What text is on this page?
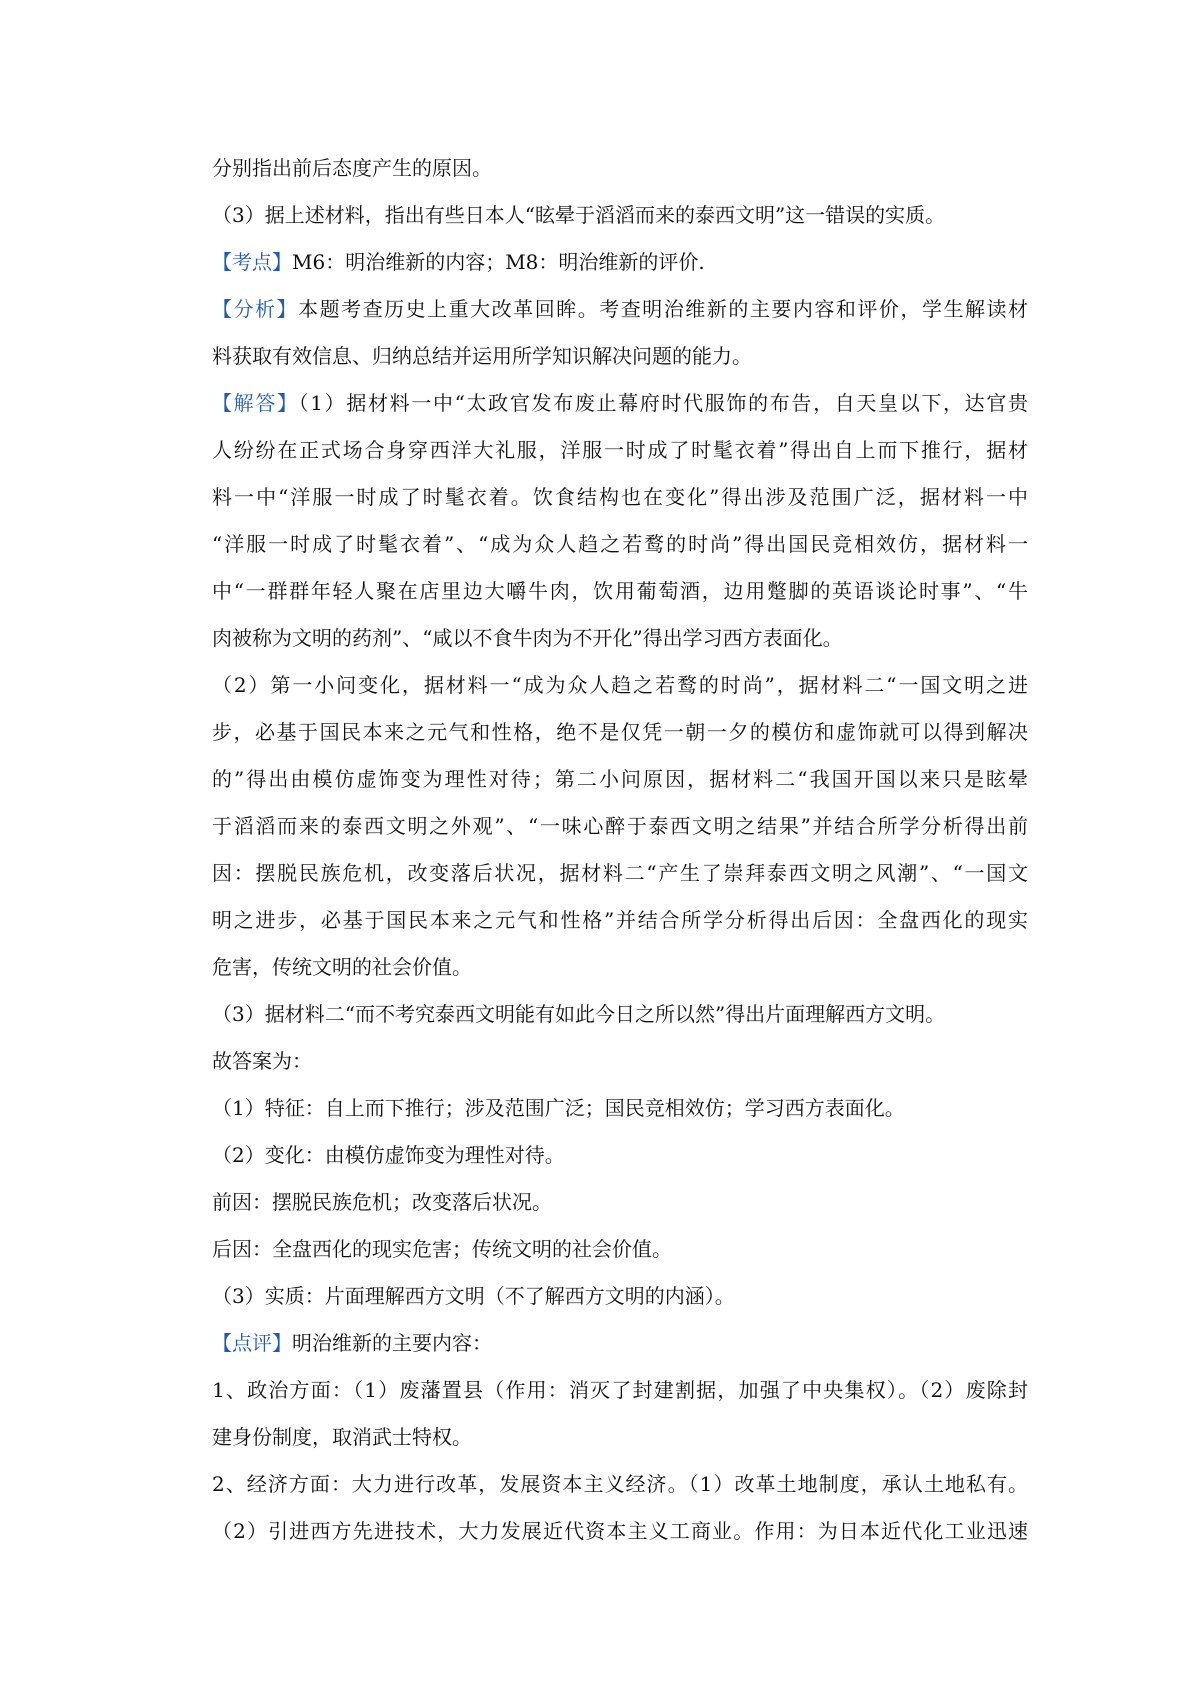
分别指出前后态度产生的原因。
（3）据上述材料，指出有些日本人“眩晕于滔滔而来的泰西文明”这一错误的实质。
【考点】M6：明治维新的内容；M8：明治维新的评价.
【分析】本题考查历史上重大改革回眸。考查明治维新的主要内容和评价，学生解读材
料获取有效信息、归纳总结并运用所学知识解决问题的能力。
【解答】（1）据材料一中“太政官发布废止幕府时代服饰的布告，自天皇以下，达官贵
人纷纷在正式场合身穿西洋大礼服，洋服一时成了时髦衣着”得出自上而下推行，据材
料一中“洋服一时成了时髦衣着。饮食结构也在变化”得出涉及范围广泛，据材料一中
“洋服一时成了时髦衣着”、“成为众人趋之若鹜的时尚”得出国民竞相效仿，据材料一
中“一群群年轻人聚在店里边大嚼牛肉，饮用葡萄酒，边用蹩脚的英语谈论时事”、“牛
肉被称为文明的药剂”、“咸以不食牛肉为不开化”得出学习西方表面化。
（2）第一小问变化，据材料一“成为众人趋之若鹜的时尚”，据材料二“一国文明之进
步，必基于国民本来之元气和性格，绝不是仅凭一朝一夕的模仿和虚饰就可以得到解决
的”得出由模仿虚饰变为理性对待；第二小问原因，据材料二“我国开国以来只是眩晕
于滔滔而来的泰西文明之外观”、“一味心醉于泰西文明之结果”并结合所学分析得出前
因：摆脱民族危机，改变落后状况，据材料二“产生了崇拜泰西文明之风潮”、“一国文
明之进步，必基于国民本来之元气和性格”并结合所学分析得出后因：全盘西化的现实
危害，传统文明的社会价值。
（3）据材料二“而不考究泰西文明能有如此今日之所以然”得出片面理解西方文明。
故答案为：
（1）特征：自上而下推行；涉及范围广泛；国民竞相效仿；学习西方表面化。
（2）变化：由模仿虚饰变为理性对待。
前因：摆脱民族危机；改变落后状况。
后因：全盘西化的现实危害；传统文明的社会价值。
（3）实质：片面理解西方文明（不了解西方文明的内涵）。
【点评】明治维新的主要内容：
1、政治方面：（1）废藩置县（作用：消灭了封建割据，加强了中央集权）。（2）废除封
建身份制度，取消武士特权。
2、经济方面：大力进行改革，发展资本主义经济。（1）改革土地制度，承认土地私有。
（2）引进西方先进技术，大力发展近代资本主义工商业。作用：为日本近代化工业迅速
